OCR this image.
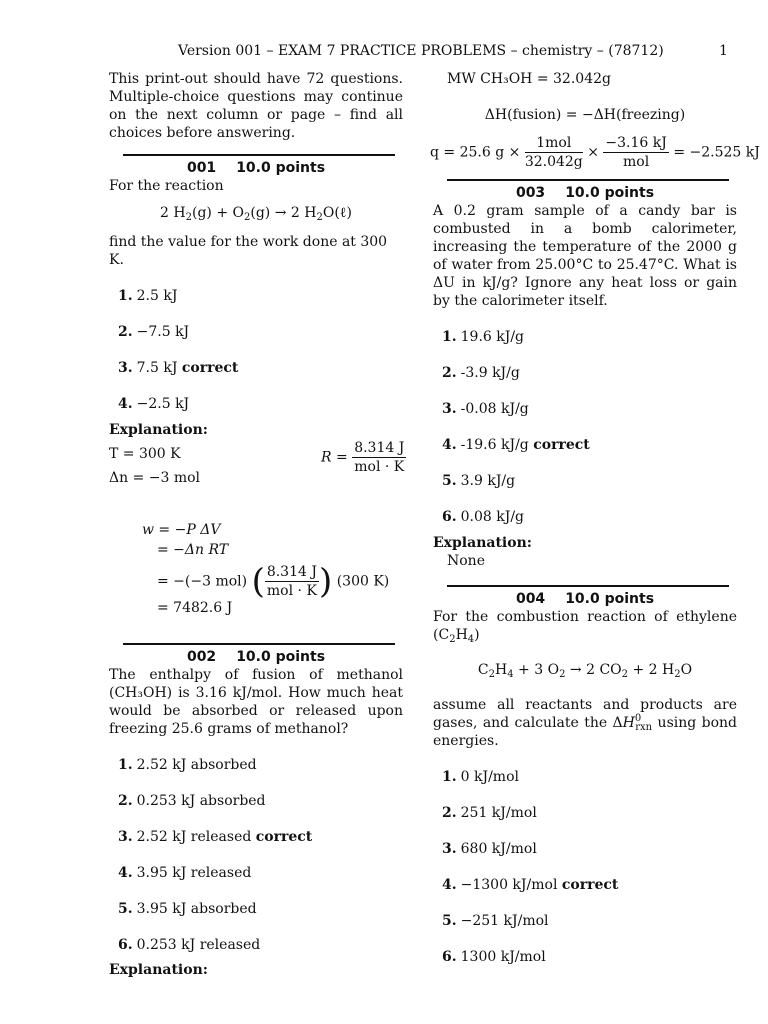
Version 001 – EXAM 7 PRACTICE PROBLEMS – chemistry – (78712)	1
This print-out should have 72 questions. Multiple-choice questions may continue on the next column or page – find all choices before answering.
001 10.0 points
For the reaction
2 $H_2(g) + O_2(g) \to 2$ $H_2O(\ell)$
find the value for the work done at 300 K.
1. 2.5 kJ
2. −7.5 kJ
3. 7.5 kJ correct
4. −2.5 kJ
Explanation:
T = 300 K
Δn = −3 mol
$R = \frac{8.314 J}{\text{mol · K}}$
w = −P ΔV
= −Δn RT
= −(−3 mol) ( $\frac{8.314 J}{\text{mol · K}}$ ) (300 K)
= 7482.6 J
002 10.0 points
The enthalpy of fusion of methanol (CH₃OH) is 3.16 kJ/mol. How much heat would be absorbed or released upon freezing 25.6 grams of methanol?
1. 2.52 kJ absorbed
2. 0.253 kJ absorbed
3. 2.52 kJ released correct
4. 3.95 kJ released
5. 3.95 kJ absorbed
6. 0.253 kJ released
Explanation:
MW CH₃OH = 32.042g
ΔH(fusion) = −ΔH(freezing)
q = 25.6 $g \times \frac{\text{1mol}}{32.042g} \times \frac{-3.16 kJ}{\text{mol}} = -2.525$ kJ
003 10.0 points
A 0.2 gram sample of a candy bar is combusted in a bomb calorimeter, increasing the temperature of the 2000 g of water from 25.00°C to 25.47°C. What is ΔU in kJ/g? Ignore any heat loss or gain by the calorimeter itself.
1. 19.6 kJ/g
2. -3.9 kJ/g
3. -0.08 kJ/g
4. -19.6 kJ/g correct
5. 3.9 kJ/g
6. 0.08 kJ/g
Explanation:
None
004 10.0 points
For the combustion reaction of ethylene $(C_2H_4)$
$C_2H_4 + 3$ $O_2 \to 2$ $CO_2 + 2$ $H_2O$
assume all reactants and products are gases, and calculate the $\Delta H^0_{rxn}$ using bond energies.
1. 0 kJ/mol
2. 251 kJ/mol
3. 680 kJ/mol
4. −1300 kJ/mol correct
5. −251 kJ/mol
6. 1300 kJ/mol
